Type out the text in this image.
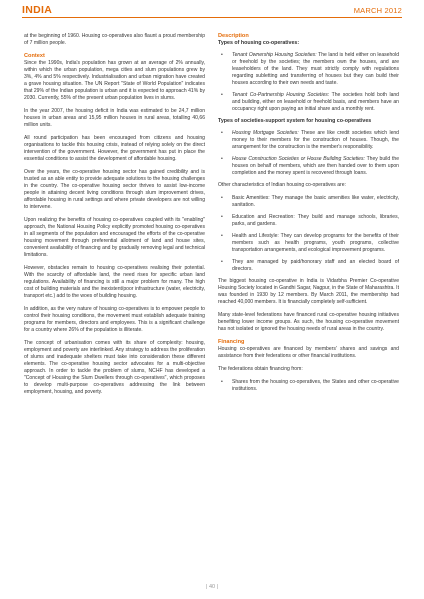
INDIA	MARCH 2012

at the beginning of 1960. Housing co-operatives also flaunt a proud membership of 7 million people.

Context

Since the 1990s, India's population has grown at an average of 2% annually, within which the urban population, mega cities and slum populations grew by 3%, 4% and 5% respectively. Industrialisation and urban migration have created a grave housing situation. The UN Report "State of World Population" indicates that 29% of the Indian population is urban and it is expected to approach 41% by 2030. Currently, 55% of the present urban population lives in slums.

In the year 2007, the housing deficit in India was estimated to be 24,7 million houses in urban areas and 15,95 million houses in rural areas, totalling 40,66 million units.

All round participation has been encouraged from citizens and housing organisations to tackle this housing crisis, instead of relying solely on the direct intervention of the government. However, the government has put in place the essential conditions to assist the development of affordable housing.

Over the years, the co-operative housing sector has gained credibility and is trusted as an able entity to provide adequate solutions to the housing challenges in the country. The co-operative housing sector thrives to assist low-income people in attaining decent living conditions through slum improvement drives, affordable housing in rural settings and where private developers are not willing to intervene.

Upon realizing the benefits of housing co-operatives coupled with its "enabling" approach, the National Housing Policy explicitly promoted housing co-operatives in all segments of the population and encouraged the efforts of the co-operative housing movement through preferential allotment of land and house sites, convenient availability of financing and by gradually removing legal and technical limitations.

However, obstacles remain to housing co-operatives realising their potential. With the scarcity of affordable land, the need rises for specific urban land regulations. Availability of financing is still a major problem for many. The high cost of building materials and the inexistent/poor infrastructure (water, electricity, transport etc.) add to the woes of building housing.

In addition, as the very nature of housing co-operatives is to empower people to control their housing conditions, the movement must establish adequate training programs for members, directors and employees. This is a significant challenge for a country where 26% of the population is illiterate.

The concept of urbanisation comes with its share of complexity: housing, employment and poverty are interlinked. Any strategy to address the proliferation of slums and inadequate shelters must take into consideration these different elements. The co-operative housing sector advocates for a multi-objective approach. In order to tackle the problem of slums, NCHF has developed a "Concept of Housing the Slum Dwellers through co-operatives", which proposes to develop multi-purpose co-operatives addressing the link between employment, housing, and poverty.

Description
Types of housing co-operatives:
• Tenant Ownership Housing Societies: The land is held either on leasehold or freehold by the societies; the members own the houses, and are leaseholders of the land. They must strictly comply with regulations regarding subletting and transferring of houses but they can build their houses according to their own needs and taste.
• Tenant Co-Partnership Housing Societies: The societies hold both land and building, either on leasehold or freehold basis, and members have an occupancy right upon paying an initial share and a monthly rent.
Types of societies-support system for housing co-operatives
• Housing Mortgage Societies: These are like credit societies which lend money to their members for the construction of houses. Though, the arrangement for the construction is the member's responsibility.
• House Construction Societies or House Building Societies: They build the houses on behalf of members, which are then handed over to them upon completion and the money spent is recovered through loans.

Other characteristics of Indian housing co-operatives are:

• Basic Amenities: They manage the basic amenities like water, electricity, sanitation.
• Education and Recreation: They build and manage schools, libraries, parks, and gardens.
• Health and Lifestyle: They can develop programs for the benefits of their members such as health programs, youth programs, collective transportation arrangements, and ecological improvement programs.
• They are managed by paid/honorary staff and an elected board of directors.

The biggest housing co-operative in India is Vidarbha Premier Co-operative Housing Society located in Gandhi Sagar, Nagpur, in the State of Maharashtra. It was founded in 1930 by 12 members. By March 2011, the membership had reached 40,000 members. It is financially completely self-sufficient.

Many state-level federations have financed rural co-operative housing initiatives benefiting lower income groups. As such, the housing co-operative movement has not isolated or ignored the housing needs of rural areas in the country.

Financing

Housing co-operatives are financed by members' shares and savings and assistance from their federations or other financial institutions.

The federations obtain financing from:

• Shares from the housing co-operatives, the States and other co-operative institutions.
| 40 |
